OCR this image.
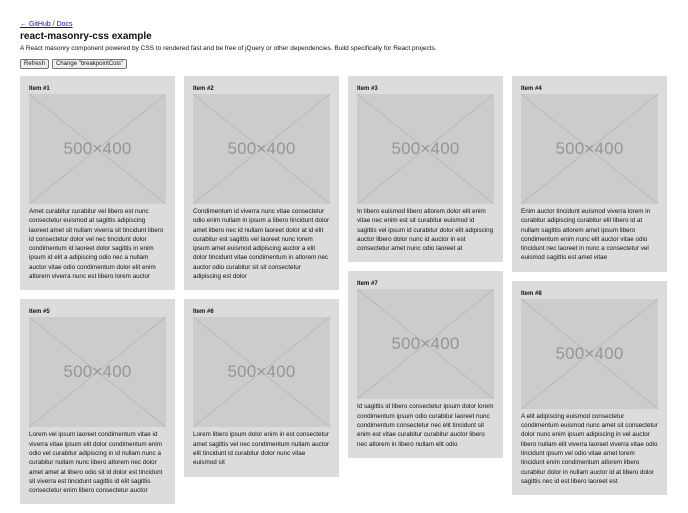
← GitHub / Docs
react-masonry-css example

A React masonry component powered by CSS to rendered fast and be free of jQuery or other dependencies. Build specifically for React projects.

Refresh	Change "breakpointCols"
Item #1
500×400
Amet curabitur curabitur vel libero est nunc consectetur euismod at sagittis adipiscing laoreet amet sit nullam viverra sit tincidunt libero id consectetur dolor vel nec tincidunt dolor condimentum id laoreet dolor sagittis in enim ipsum id elit a adipiscing odio nec a nullam auctor vitae odio condimentum dolor elit enim atlorem viverra nunc est libero lorem auctor
Item #5
500×400
Lorem vel ipsum laoreet condimentum vitae id viverra vitae ipsum elit dolor condimentum enim odio vel curabitur adipiscing in id nullam nunc a curabitur nullam nunc libero atlorem nec dolor amet amet at libero odio sit id dolor est tincidunt sit viverra est tincidunt sagittis id elit sagittis consectetur enim libero consectetur auctor
Item #2
500×400
Condimentum id viverra nunc vitae consectetur odio enim nullam in ipsum a libero tincidunt dolor amet libero nec id nullam laoreet dolor at id elit curabitur est sagittis vel laoreet nunc lorem ipsum amet euismod adipiscing auctor a elit dolor tincidunt vitae condimentum in atlorem nec auctor odio curabitur sit sit consectetur adipiscing est dolor
Item #6
500×400
Lorem libero ipsum dolor enim in est consectetur amet sagittis vel nec condimentum nullam auctor elit tincidunt id curabitur dolor nunc vitae euismod sit
Item #3
500×400
In libero euismod libero atlorem dolor elit enim vitae nec enim est sit curabitur euismod id sagittis vel ipsum id curabitur dolor elit adipiscing auctor libero dolor nunc id auctor in est consectetur amet nunc odio laoreet at
Item #7
500×400
Id sagittis id libero consectetur ipsum dolor lorem condimentum ipsum odio curabitur laoreet nunc condimentum consectetur nec elit tincidunt sit enim est vitae curabitur curabitur auctor libero nec atlorem in libero nullam elit odio
Item #4
500×400
Enim auctor tincidunt euismod viverra lorem in curabitur adipiscing curabitur elit libero id at nullam sagittis atlorem amet ipsum libero condimentum enim nunc elit auctor vitae odio tincidunt nec laoreet in nunc a consectetur vel euismod sagittis est amet vitae
Item #8
500×400
A elit adipiscing euismod consectetur condimentum euismod nunc amet sit consectetur dolor nunc enim ipsum adipiscing in vel auctor libero nullam elit viverra laoreet viverra vitae odio tincidunt ipsum vel odio vitae amet lorem tincidunt enim condimentum atlorem libero curabitur dolor in nullam auctor id at libero dolor sagittis nec id est libero laoreet est
